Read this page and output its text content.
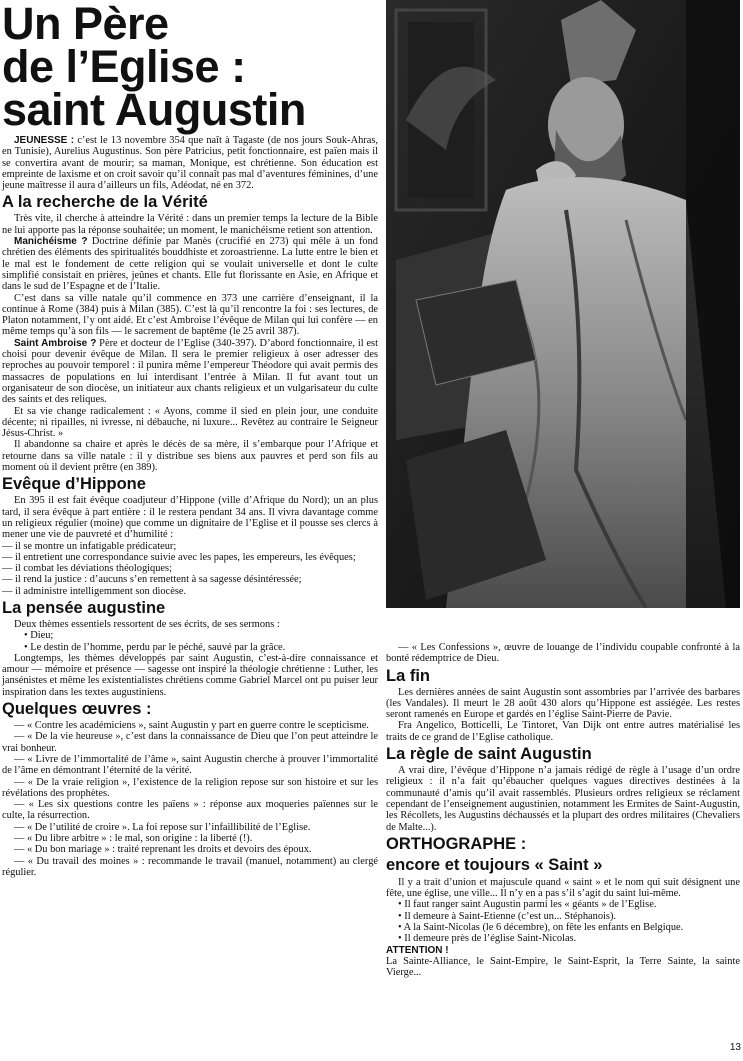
Un Père
de l’Eglise :
saint Augustin

JEUNESSE : c’est le 13 novembre 354 que naît à Tagaste (de nos jours Souk-Ahras, en Tunisie), Aurelius Augustinus. Son père Patricius, petit fonctionnaire, est païen mais il se convertira avant de mourir; sa maman, Monique, est chrétienne. Son éducation est empreinte de laxisme et on croit savoir qu’il connaît pas mal d’aventures féminines, d’une jeune maîtresse il aura d’ailleurs un fils, Adéodat, né en 372.

A la recherche de la Vérité

Très vite, il cherche à atteindre la Vérité : dans un premier temps la lecture de la Bible ne lui apporte pas la réponse souhaitée; un moment, le manichéisme retient son attention.

Manichéisme ? Doctrine définie par Manès (crucifié en 273) qui mêle à un fond chrétien des éléments des spiritualités bouddhiste et zoroastrienne. La lutte entre le bien et le mal est le fondement de cette religion qui se voulait universelle et dont le culte simplifié consistait en prières, jeûnes et chants. Elle fut florissante en Asie, en Afrique et dans le sud de l’Espagne et de l’Italie.

C’est dans sa ville natale qu’il commence en 373 une carrière d’enseignant, il la continue à Rome (384) puis à Milan (385). C’est là qu’il rencontre la foi : ses lectures, de Platon notamment, l’y ont aidé. Et c’est Ambroise l’évêque de Milan qui lui confère — en même temps qu’à son fils — le sacrement de baptême (le 25 avril 387).

Saint Ambroise ? Père et docteur de l’Eglise (340-397). D’abord fonctionnaire, il est choisi pour devenir évêque de Milan. Il sera le premier religieux à oser adresser des reproches au pouvoir temporel : il punira même l’empereur Théodore qui avait permis des massacres de populations en lui interdisant l’entrée à Milan. Il fut avant tout un organisateur de son diocèse, un initiateur aux chants religieux et un vulgarisateur du culte des saints et des reliques.

Et sa vie change radicalement : « Ayons, comme il sied en plein jour, une conduite décente; ni ripailles, ni ivresse, ni débauche, ni luxure... Revêtez au contraire le Seigneur Jésus-Christ. »

Il abandonne sa chaire et après le décès de sa mère, il s’embarque pour l’Afrique et retourne dans sa ville natale : il y distribue ses biens aux pauvres et perd son fils au moment où il devient prêtre (en 389).

Evêque d’Hippone

En 395 il est fait évêque coadjuteur d’Hippone (ville d’Afrique du Nord); un an plus tard, il sera évêque à part entière : il le restera pendant 34 ans. Il vivra davantage comme un religieux régulier (moine) que comme un dignitaire de l’Eglise et il pousse ses clercs à mener une vie de pauvreté et d’humilité :

— il se montre un infatigable prédicateur;

— il entretient une correspondance suivie avec les papes, les empereurs, les évêques;

— il combat les déviations théologiques;

— il rend la justice : d’aucuns s’en remettent à sa sagesse désintéressée;

— il administre intelligemment son diocèse.

La pensée augustine

Deux thèmes essentiels ressortent de ses écrits, de ses sermons :

• Dieu;

• Le destin de l’homme, perdu par le péché, sauvé par la grâce.

Longtemps, les thèmes développés par saint Augustin, c’est-à-dire connaissance et amour — mémoire et présence — sagesse ont inspiré la théologie chrétienne : Luther, les jansénistes et même les existentialistes chrétiens comme Gabriel Marcel ont pu puiser leur inspiration dans les textes augustiniens.

Quelques œuvres :

— « Contre les académiciens », saint Augustin y part en guerre contre le scepticisme.

— « De la vie heureuse », c’est dans la connaissance de Dieu que l’on peut atteindre le vrai bonheur.

— « Livre de l’immortalité de l’âme », saint Augustin cherche à prouver l’immortalité de l’âme en démontrant l’éternité de la vérité.

— « De la vraie religion », l’existence de la religion repose sur son histoire et sur les révélations des prophètes.

— « Les six questions contre les païens » : réponse aux moqueries païennes sur le culte, la résurrection.

— « De l’utilité de croire ». La foi repose sur l’infaillibilité de l’Eglise.

— « Du libre arbitre » : le mal, son origine : la liberté (!).

— « Du bon mariage » : traité reprenant les droits et devoirs des époux.

— « Du travail des moines » : recommande le travail (manuel, notamment) au clergé régulier.

— « Les Confessions », œuvre de louange de l’individu coupable confronté à la bonté rédemptrice de Dieu.

La fin

Les dernières années de saint Augustin sont assombries par l’arrivée des barbares (les Vandales). Il meurt le 28 août 430 alors qu’Hippone est assiégée. Les restes seront ramenés en Europe et gardés en l’église Saint-Pierre de Pavie.

Fra Angelico, Botticelli, Le Tintoret, Van Dijk ont entre autres matérialisé les traits de ce grand de l’Eglise catholique.

La règle de saint Augustin

A vrai dire, l’évêque d’Hippone n’a jamais rédigé de règle à l’usage d’un ordre religieux : il n’a fait qu’ébaucher quelques vagues directives destinées à la communauté d’amis qu’il avait rassemblés. Plusieurs ordres religieux se réclament cependant de l’enseignement augustinien, notamment les Ermites de Saint-Augustin, les Récollets, les Augustins déchaussés et la plupart des ordres militaires (Chevaliers de Malte...).

ORTHOGRAPHE :
encore et toujours « Saint »

Il y a trait d’union et majuscule quand « saint » et le nom qui suit désignent une fête, une église, une ville... Il n’y en a pas s’il s’agit du saint lui-même.

• Il faut ranger saint Augustin parmi les « géants » de l’Eglise.

• Il demeure à Saint-Etienne (c’est un... Stéphanois).

• A la Saint-Nicolas (le 6 décembre), on fête les enfants en Belgique.

• Il demeure près de l’église Saint-Nicolas.

ATTENTION !

La Sainte-Alliance, le Saint-Empire, le Saint-Esprit, la Terre Sainte, la sainte Vierge...

13
